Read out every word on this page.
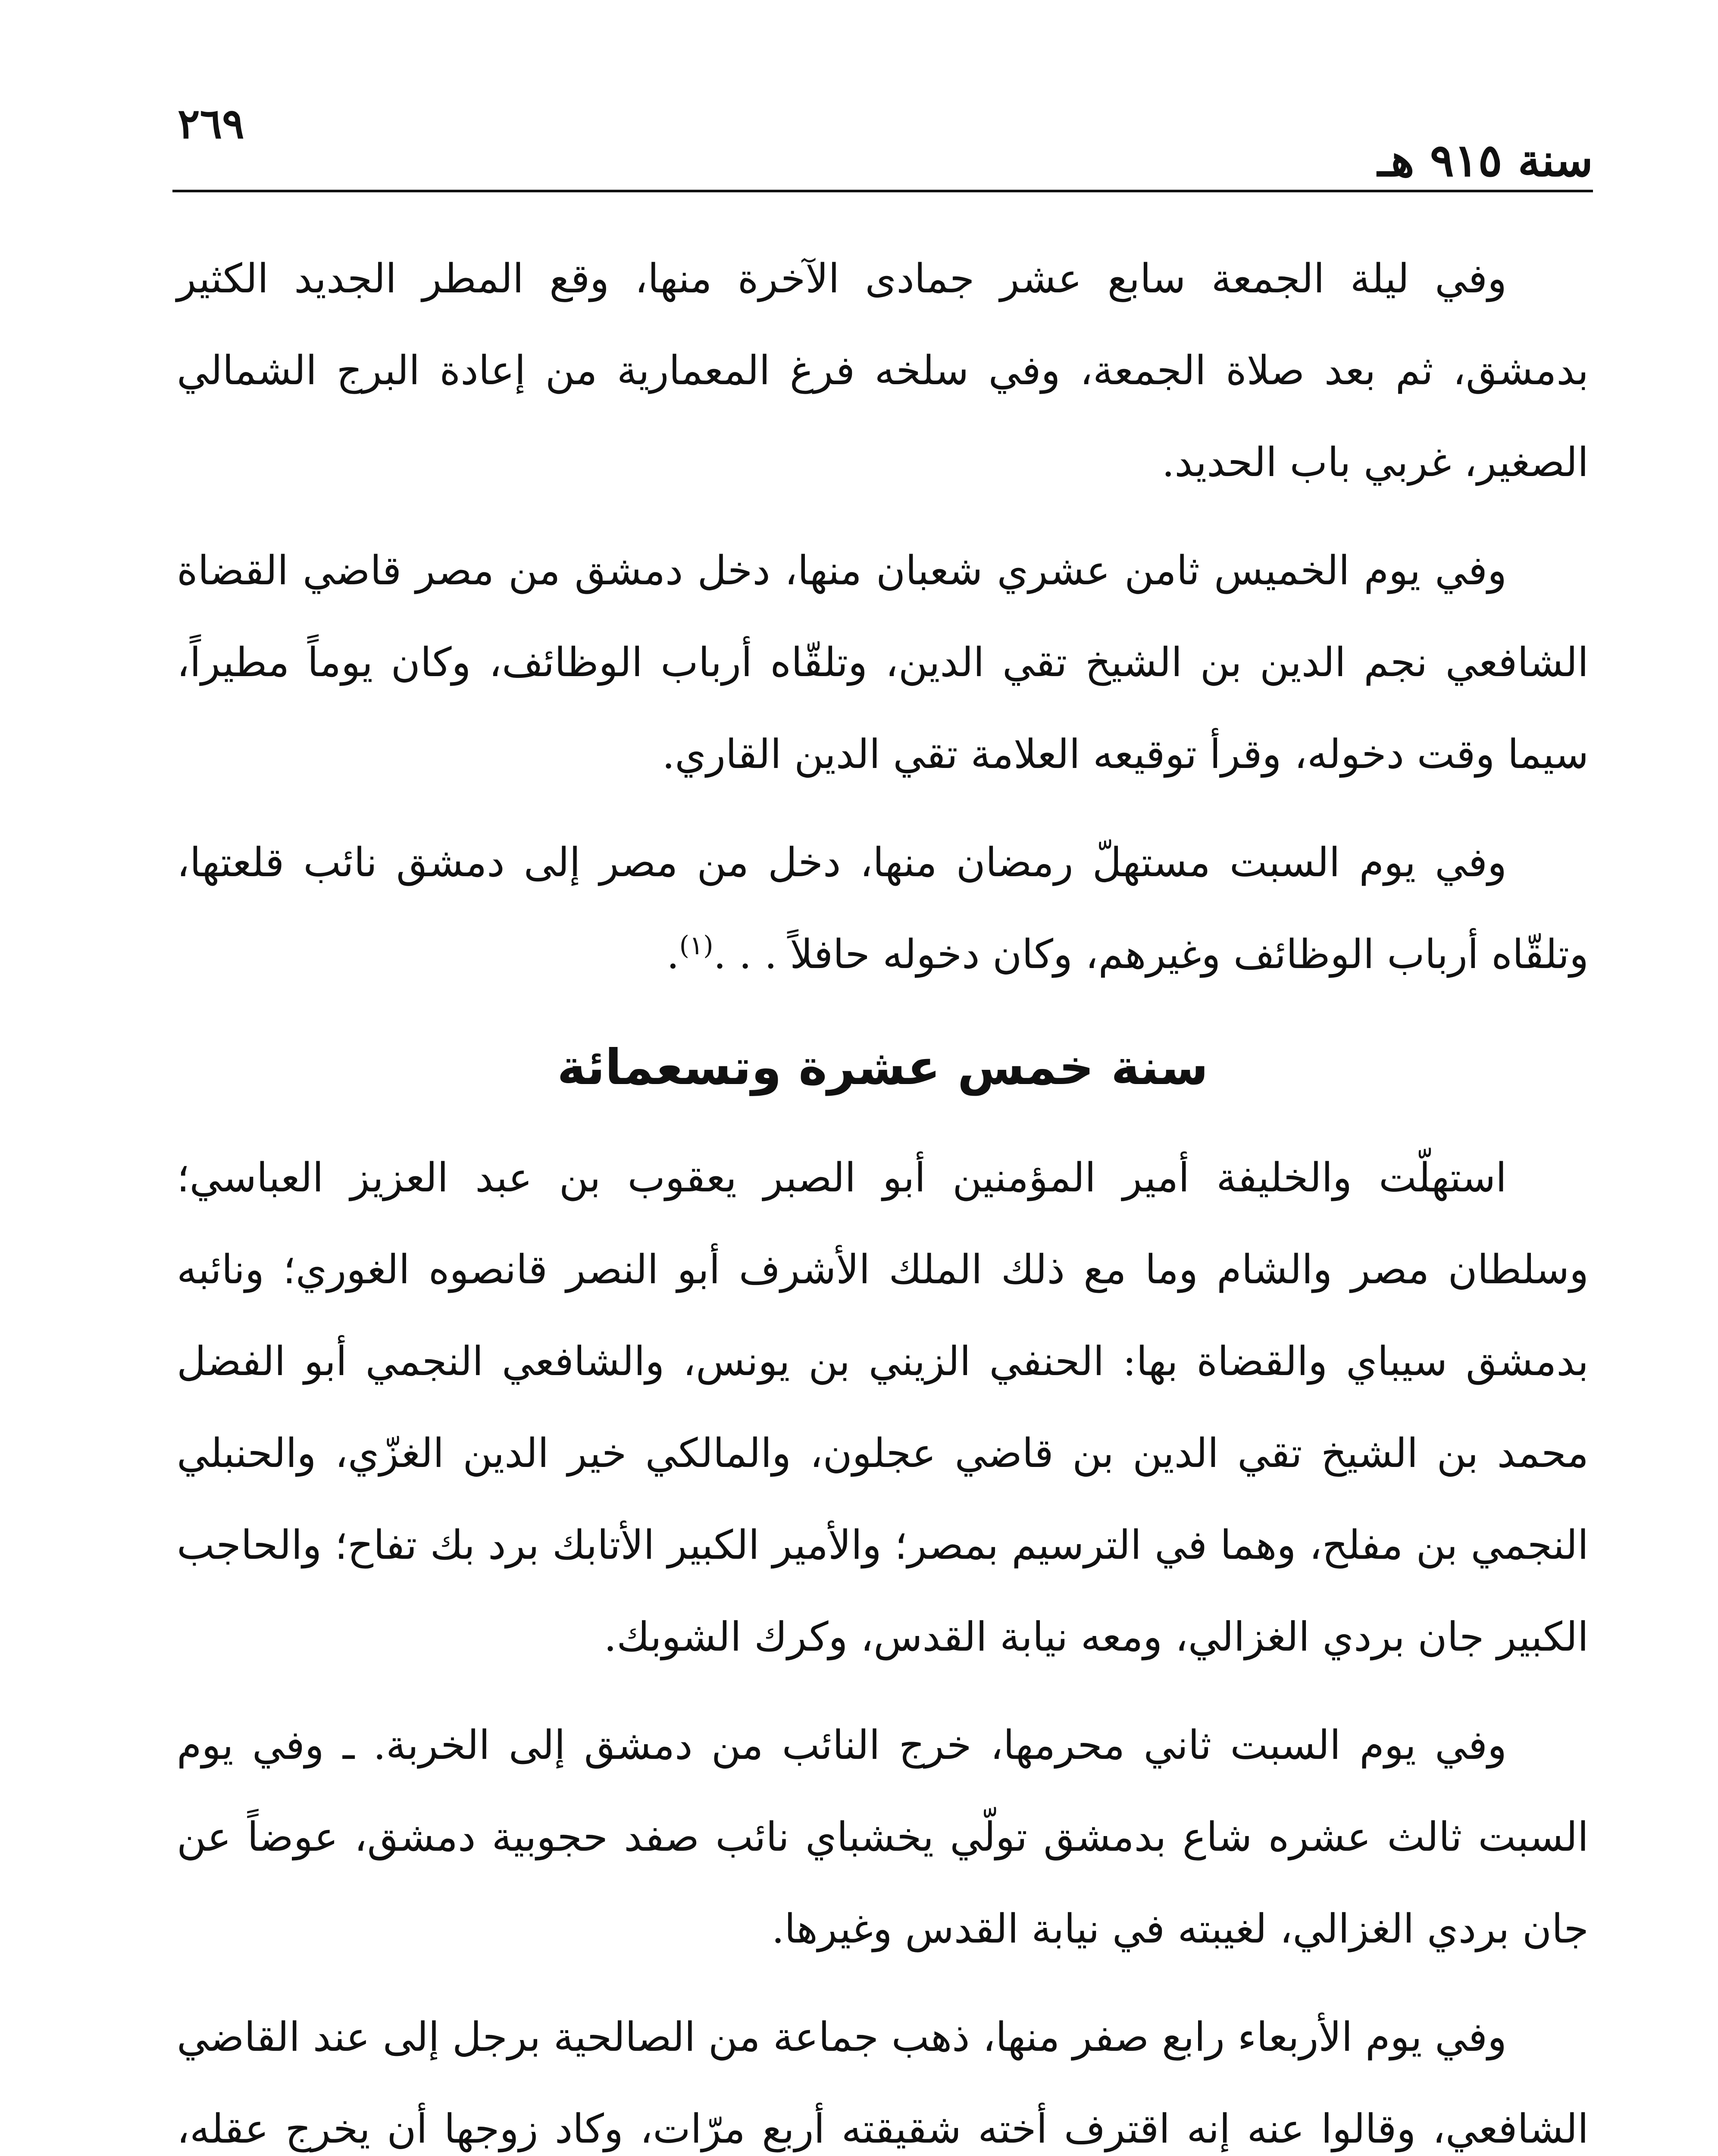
٢٦٩
سنة ٩١٥ هـ

وفي ليلة الجمعة سابع عشر جمادى الآخرة منها، وقع المطر الجديد الكثير بدمشق، ثم بعد صلاة الجمعة، وفي سلخه فرغ المعمارية من إعادة البرج الشمالي الصغير، غربي باب الحديد.

وفي يوم الخميس ثامن عشري شعبان منها، دخل دمشق من مصر قاضي القضاة الشافعي نجم الدين بن الشيخ تقي الدين، وتلقّاه أرباب الوظائف، وكان يوماً مطيراً، سيما وقت دخوله، وقرأ توقيعه العلامة تقي الدين القاري.

وفي يوم السبت مستهلّ رمضان منها، دخل من مصر إلى دمشق نائب قلعتها، وتلقّاه أرباب الوظائف وغيرهم، وكان دخوله حافلاً . . .$^{(١)}$.

سنة خمس عشرة وتسعمائة

استهلّت والخليفة أمير المؤمنين أبو الصبر يعقوب بن عبد العزيز العباسي؛ وسلطان مصر والشام وما مع ذلك الملك الأشرف أبو النصر قانصوه الغوري؛ ونائبه بدمشق سيباي والقضاة بها: الحنفي الزيني بن يونس، والشافعي النجمي أبو الفضل محمد بن الشيخ تقي الدين بن قاضي عجلون، والمالكي خير الدين الغزّي، والحنبلي النجمي بن مفلح، وهما في الترسيم بمصر؛ والأمير الكبير الأتابك برد بك تفاح؛ والحاجب الكبير جان بردي الغزالي، ومعه نيابة القدس، وكرك الشوبك.

وفي يوم السبت ثاني محرمها، خرج النائب من دمشق إلى الخربة. ـ وفي يوم السبت ثالث عشره شاع بدمشق تولّي يخشباي نائب صفد حجوبية دمشق، عوضاً عن جان بردي الغزالي، لغيبته في نيابة القدس وغيرها.

وفي يوم الأربعاء رابع صفر منها، ذهب جماعة من الصالحية برجل إلى عند القاضي الشافعي، وقالوا عنه إنه اقترف أخته شقيقته أربع مرّات، وكاد زوجها أن يخرج عقله،
